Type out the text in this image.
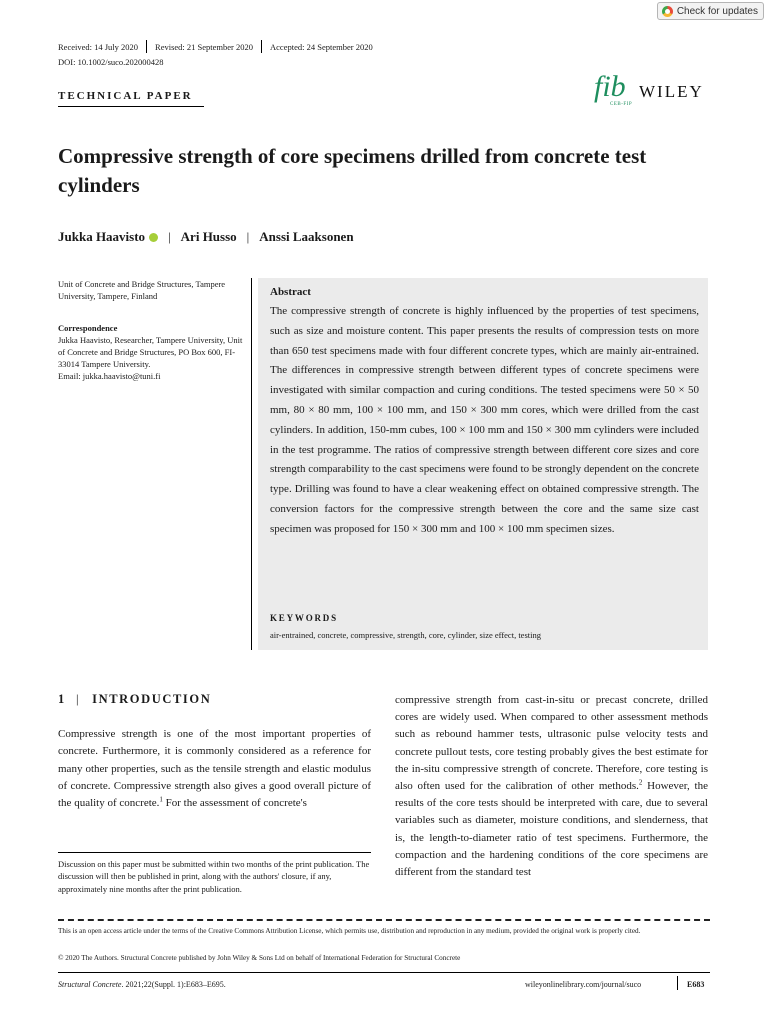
Check for updates
Received: 14 July 2020 Revised: 21 September 2020 Accepted: 24 September 2020
DOI: 10.1002/suco.202000428
TECHNICAL PAPER	fib
CEB-FIP
WILEY
Compressive strength of core specimens drilled from concrete test cylinders
Jukka Haavisto | Ari Husso | Anssi Laaksonen
Unit of Concrete and Bridge Structures, Tampere University, Tampere, Finland
Correspondence
Jukka Haavisto, Researcher, Tampere University, Unit of Concrete and Bridge Structures, PO Box 600, FI-33014 Tampere University.
Email: jukka.haavisto@tuni.fi
Abstract

The compressive strength of concrete is highly influenced by the properties of test specimens, such as size and moisture content. This paper presents the results of compression tests on more than 650 test specimens made with four different concrete types, which are mainly air-entrained. The differences in compressive strength between different types of concrete specimens were investigated with similar compaction and curing conditions. The tested specimens were 50 × 50 mm, 80 × 80 mm, 100 × 100 mm, and 150 × 300 mm cores, which were drilled from the cast cylinders. In addition, 150-mm cubes, 100 × 100 mm and 150 × 300 mm cylinders were included in the test programme. The ratios of compressive strength between different core sizes and core strength comparability to the cast specimens were found to be strongly dependent on the concrete type. Drilling was found to have a clear weakening effect on obtained compressive strength. The conversion factors for the compressive strength between the core and the same size cast specimen was proposed for 150 × 300 mm and 100 × 100 mm specimen sizes.

KEYWORDS
air-entrained, concrete, compressive, strength, core, cylinder, size effect, testing
1 | INTRODUCTION

Compressive strength is one of the most important properties of concrete. Furthermore, it is commonly considered as a reference for many other properties, such as the tensile strength and elastic modulus of concrete. Compressive strength also gives a good overall picture of the quality of concrete.$^1$ For the assessment of concrete's

compressive strength from cast-in-situ or precast concrete, drilled cores are widely used. When compared to other assessment methods such as rebound hammer tests, ultrasonic pulse velocity tests and concrete pullout tests, core testing probably gives the best estimate for the in-situ compressive strength of concrete. Therefore, core testing is also often used for the calibration of other methods.$^2$ However, the results of the core tests should be interpreted with care, due to several variables such as diameter, moisture conditions, and slenderness, that is, the length-to-diameter ratio of test specimens. Furthermore, the compaction and the hardening conditions of the core specimens are different from the standard test

Discussion on this paper must be submitted within two months of the print publication. The discussion will then be published in print, along with the authors' closure, if any, approximately nine months after the print publication.

This is an open access article under the terms of the Creative Commons Attribution License, which permits use, distribution and reproduction in any medium, provided the original work is properly cited.

© 2020 The Authors. Structural Concrete published by John Wiley & Sons Ltd on behalf of International Federation for Structural Concrete
Structural Concrete. 2021;22(Suppl. 1):E683–E695.	wileyonlinelibrary.com/journal/suco	E683
